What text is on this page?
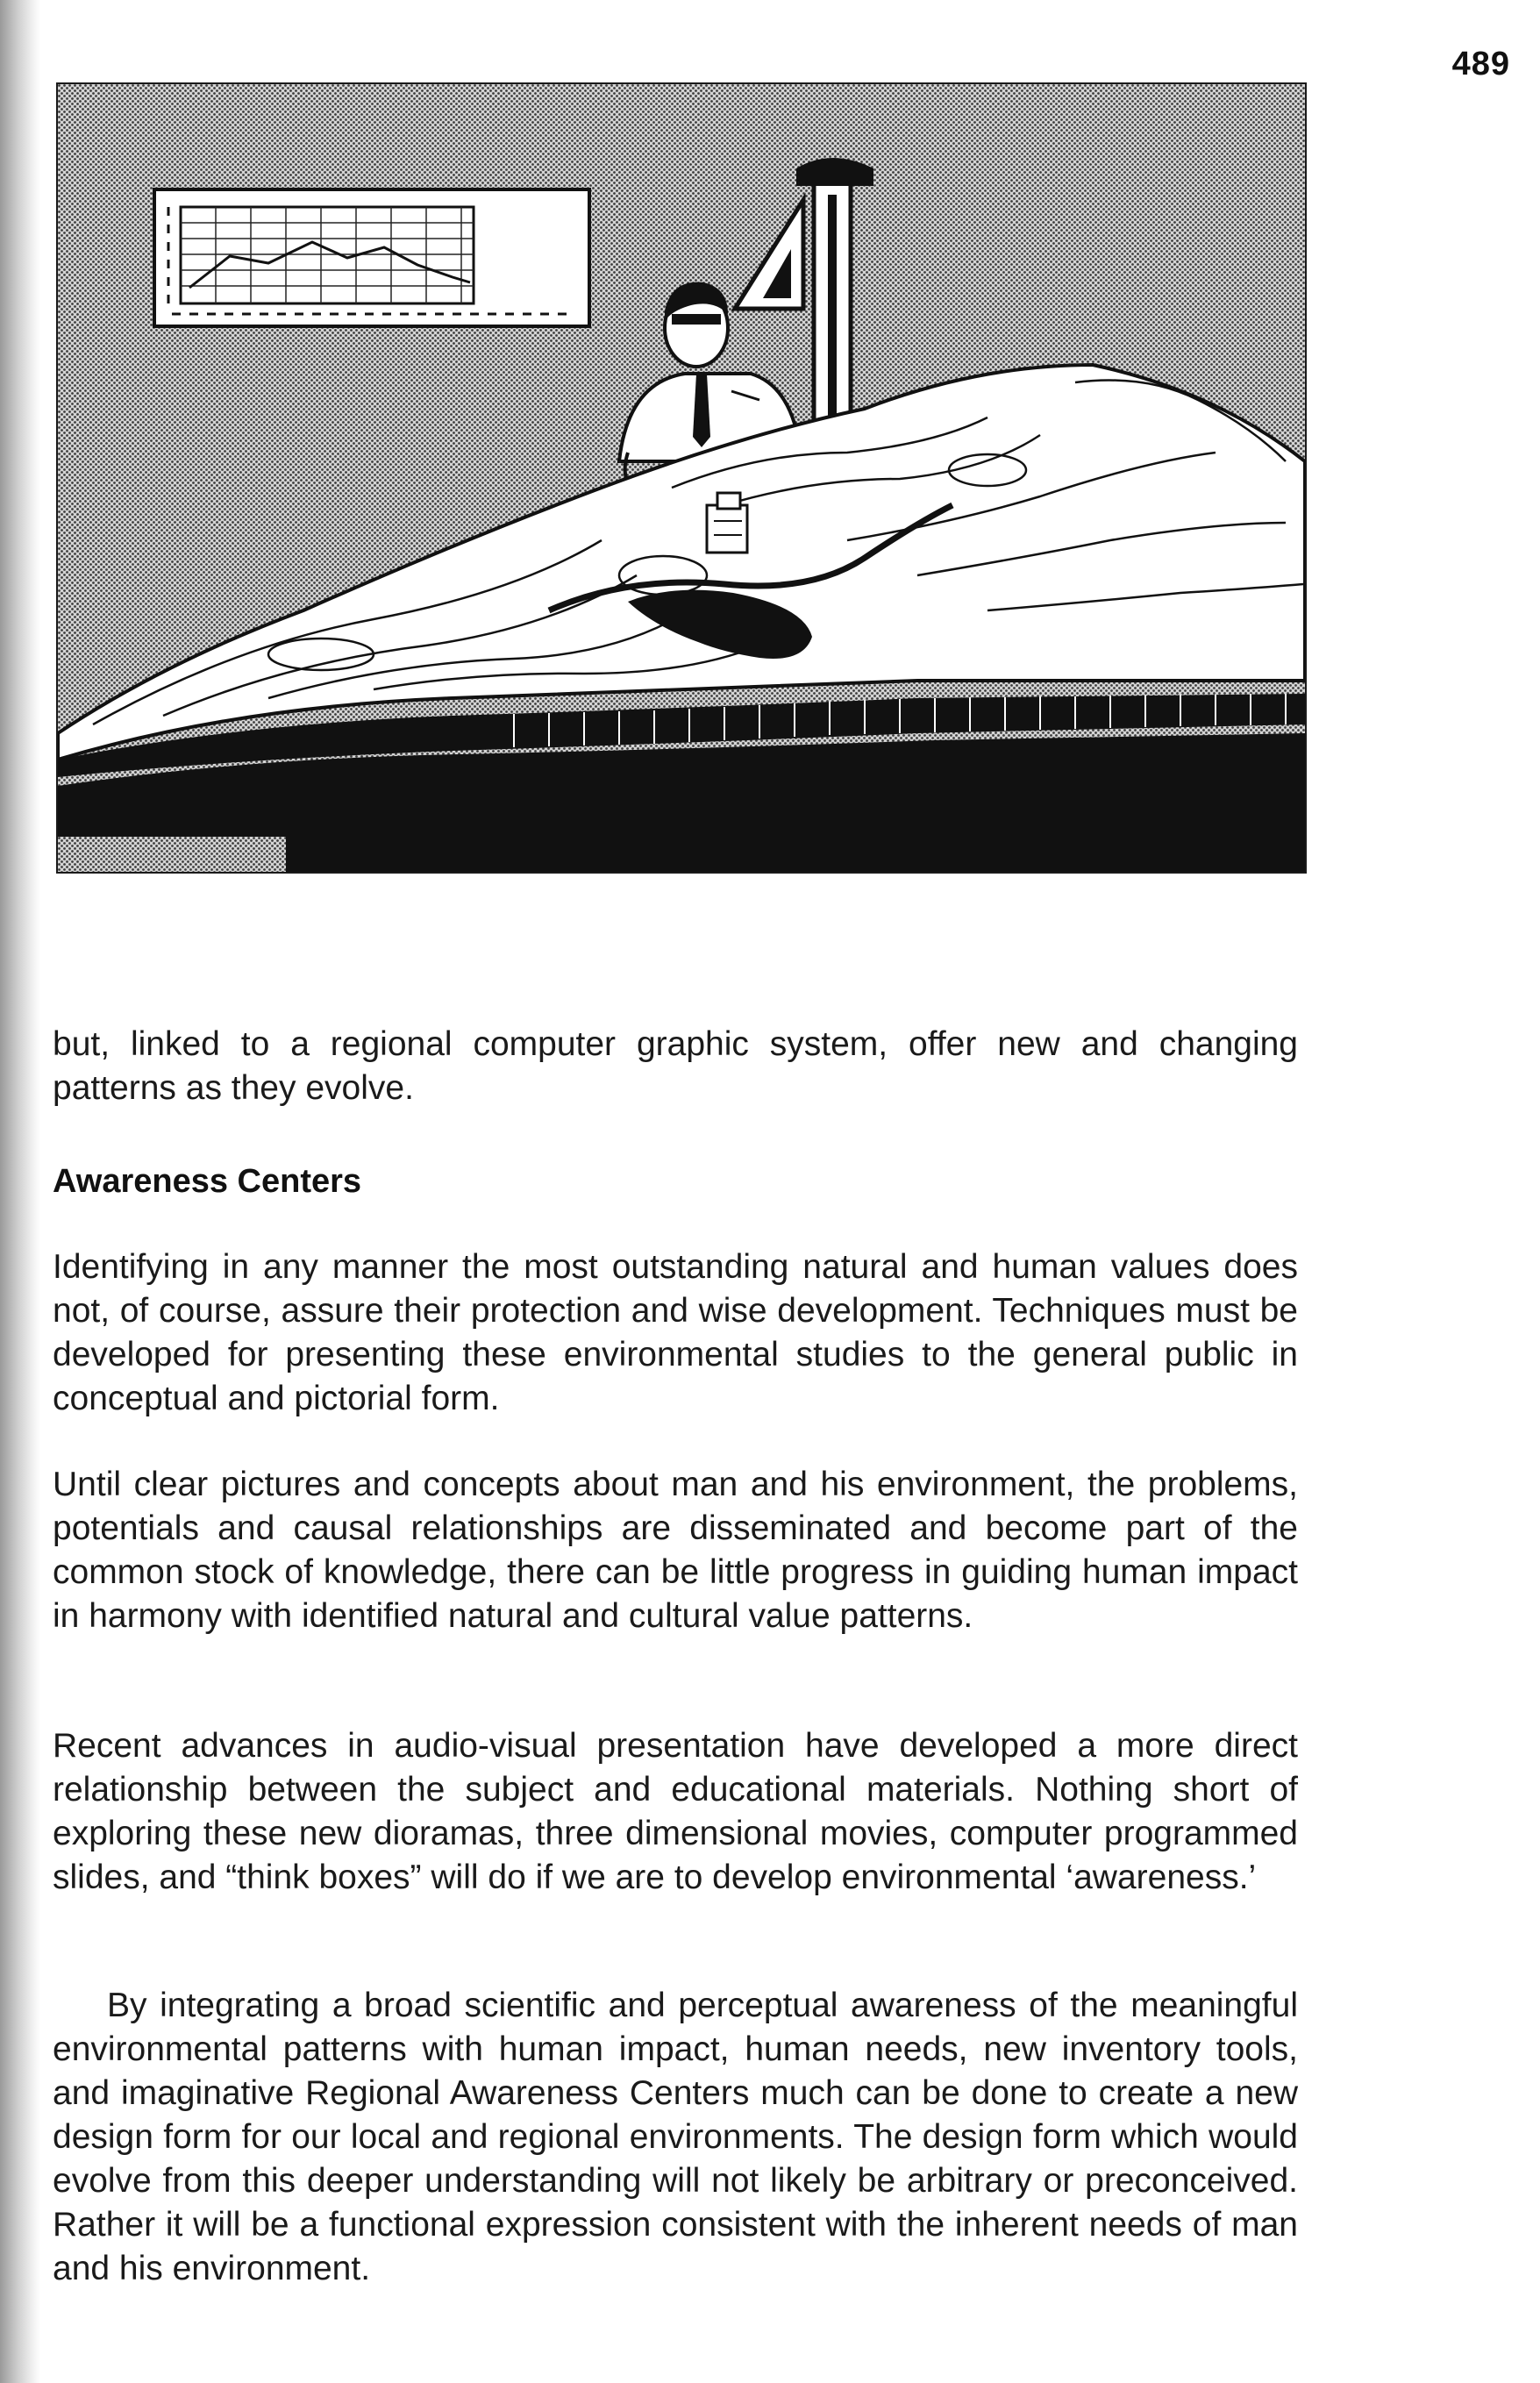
489
but, linked to a regional computer graphic system, offer new and changing patterns as they evolve.
Awareness Centers
Identifying in any manner the most outstanding natural and human values does not, of course, assure their protection and wise development. Techniques must be developed for presenting these environmental studies to the general public in conceptual and pictorial form.
Until clear pictures and concepts about man and his environment, the problems, potentials and causal relationships are disseminated and become part of the common stock of knowledge, there can be little progress in guiding human impact in harmony with identified natural and cultural value patterns.
Recent advances in audio-visual presentation have developed a more direct relationship between the subject and educational materials. Nothing short of exploring these new dioramas, three dimensional movies, computer programmed slides, and “think boxes” will do if we are to develop environmental ‘awareness.’
By integrating a broad scientific and perceptual awareness of the meaningful environmental patterns with human impact, human needs, new inventory tools, and imaginative Regional Awareness Centers much can be done to create a new design form for our local and regional environments. The design form which would evolve from this deeper understanding will not likely be arbitrary or preconceived. Rather it will be a functional expression consistent with the inherent needs of man and his environment.
